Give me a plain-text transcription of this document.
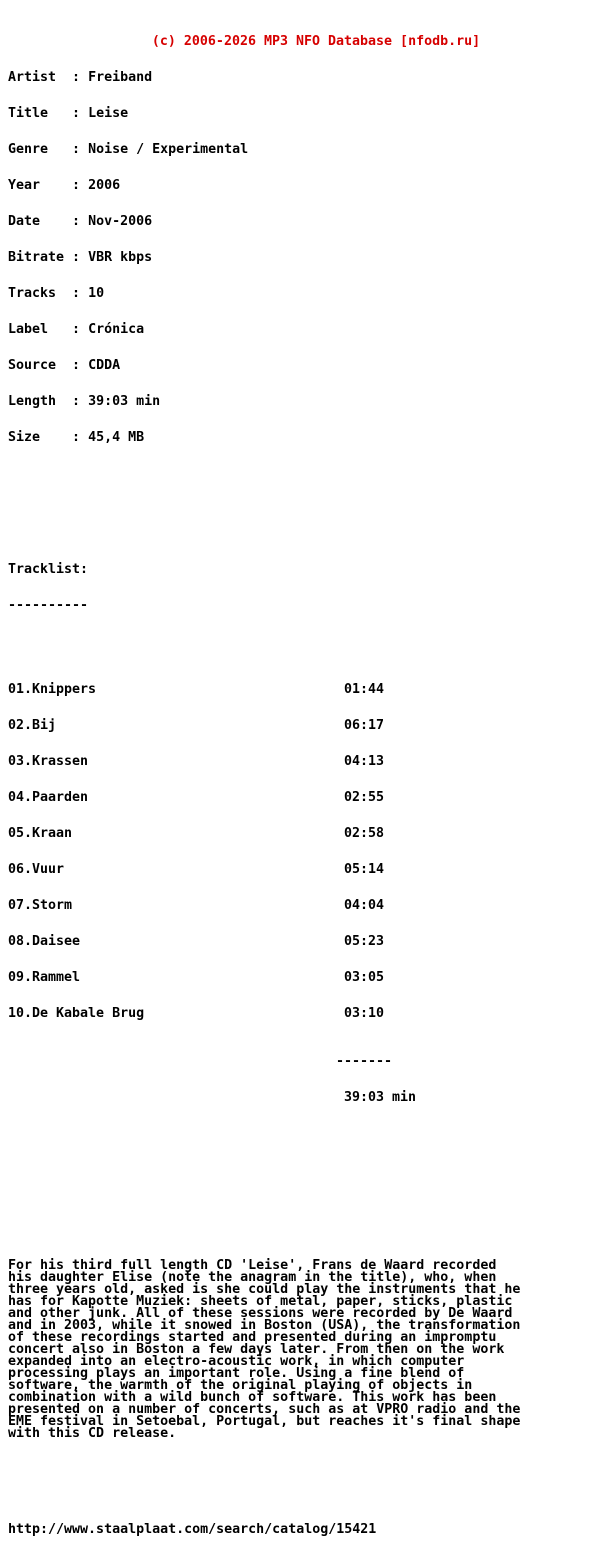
(c) 2006-2026 MP3 NFO Database [nfodb.ru]

Artist  : Freiband

Title   : Leise

Genre   : Noise / Experimental

Year    : 2006

Date    : Nov-2006

Bitrate : VBR kbps

Tracks  : 10

Label   : Crónica

Source  : CDDA

Length  : 39:03 min

Size    : 45,4 MB

Tracklist:

----------

01.Knippers	01:44

02.Bij	06:17

03.Krassen	04:13

04.Paarden	02:55

05.Kraan	02:58

06.Vuur	05:14

07.Storm	04:04

08.Daisee	05:23

09.Rammel	03:05

10.De Kabale Brug	03:10

-------

39:03 min

For his third full length CD 'Leise', Frans de Waard recorded
his daughter Elise (note the anagram in the title), who, when
three years old, asked is she could play the instruments that he
has for Kapotte Muziek: sheets of metal, paper, sticks, plastic
and other junk. All of these sessions were recorded by De Waard
and in 2003, while it snowed in Boston (USA), the transformation
of these recordings started and presented during an impromptu
concert also in Boston a few days later. From then on the work
expanded into an electro-acoustic work, in which computer
processing plays an important role. Using a fine blend of
software, the warmth of the original playing of objects in
combination with a wild bunch of software. This work has been
presented on a number of concerts, such as at VPRO radio and the
EME festival in Setoebal, Portugal, but reaches it's final shape
with this CD release.

http://www.staalplaat.com/search/catalog/15421
